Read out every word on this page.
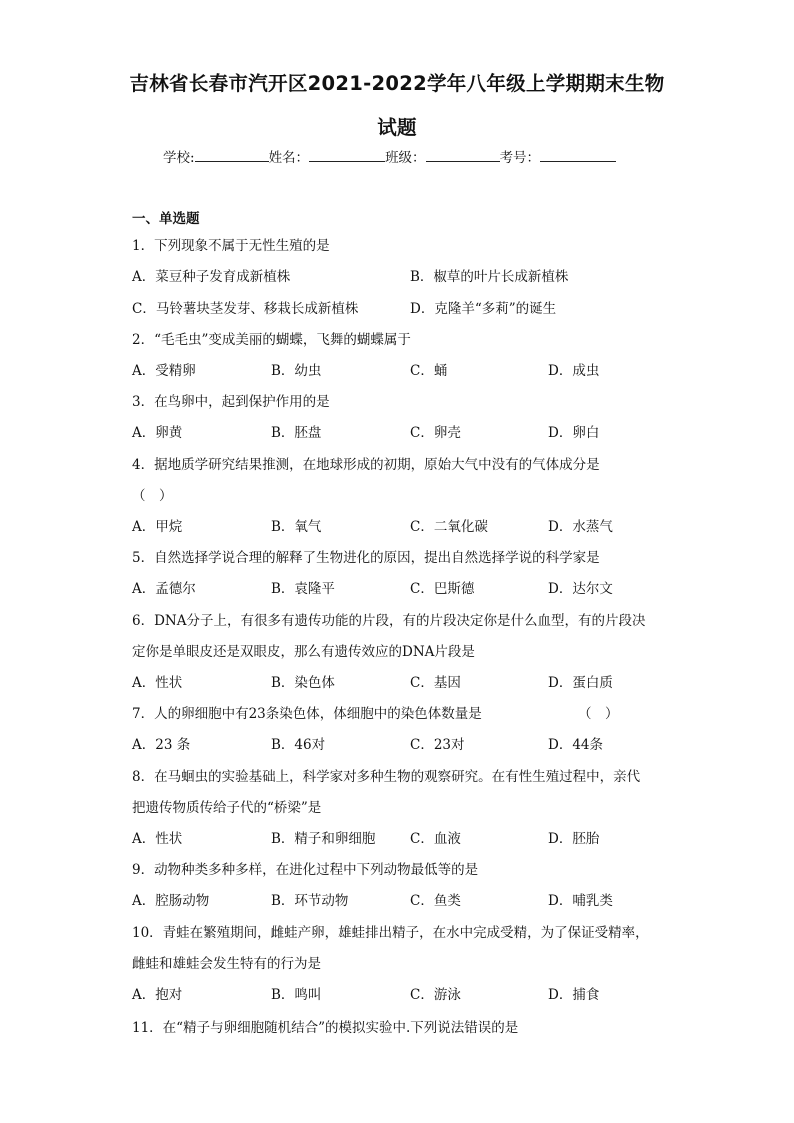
吉林省长春市汽开区2021-2022学年八年级上学期期末生物
试题
学校:	姓名：	班级：	考号：
一、单选题
1．下列现象不属于无性生殖的是
A．菜豆种子发育成新植株	B．椒草的叶片长成新植株
C．马铃薯块茎发芽、移栽长成新植株	D．克隆羊“多莉”的诞生
2．“毛毛虫”变成美丽的蝴蝶，飞舞的蝴蝶属于
A．受精卵	B．幼虫	C．蛹	D．成虫
3．在鸟卵中，起到保护作用的是
A．卵黄	B．胚盘	C．卵壳	D．卵白
4．据地质学研究结果推测，在地球形成的初期，原始大气中没有的气体成分是
（　）
A．甲烷	B．氧气	C．二氧化碳	D．水蒸气
5．自然选择学说合理的解释了生物进化的原因，提出自然选择学说的科学家是
A．孟德尔	B．袁隆平	C．巴斯德	D．达尔文
6．DNA分子上，有很多有遗传功能的片段，有的片段决定你是什么血型，有的片段决
定你是单眼皮还是双眼皮，那么有遗传效应的DNA片段是
A．性状	B．染色体	C．基因	D．蛋白质
7．人的卵细胞中有23条染色体，体细胞中的染色体数量是	（　）
A．23 条	B．46对	C．23对	D．44条
8．在马蛔虫的实验基础上，科学家对多种生物的观察研究。在有性生殖过程中，亲代
把遗传物质传给子代的“桥梁”是
A．性状	B．精子和卵细胞	C．血液	D．胚胎
9．动物种类多种多样，在进化过程中下列动物最低等的是
A．腔肠动物	B．环节动物	C．鱼类	D．哺乳类
10．青蛙在繁殖期间，雌蛙产卵，雄蛙排出精子，在水中完成受精，为了保证受精率，
雌蛙和雄蛙会发生特有的行为是
A．抱对	B．鸣叫	C．游泳	D．捕食
11．在“精子与卵细胞随机结合”的模拟实验中.下列说法错误的是
